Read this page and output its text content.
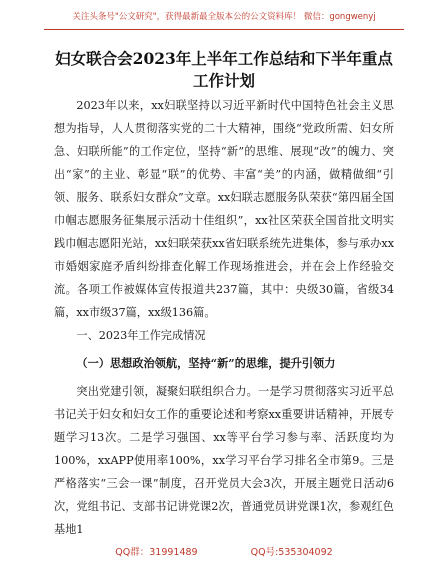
关注头条号"公文研究"，获得最新最全版本公的公文资料库！ 微信：gongwenyj
妇女联合会2023年上半年工作总结和下半年重点工作计划

2023年以来，xx妇联坚持以习近平新时代中国特色社会主义思想为指导，人人贯彻落实党的二十大精神，围绕“党政所需、妇女所急、妇联所能”的工作定位，坚持“新”的思维、展现“改”的魄力、突出“家”的主业、彰显“联”的优势、丰富“美”的内涵，做精做细“引领、服务、联系妇女群众”文章。xx妇联志愿服务队荣获“第四届全国巾帼志愿服务征集展示活动十佳组织”，xx社区荣获全国首批文明实践巾帼志愿阳光站，xx妇联荣获xx省妇联系统先进集体，参与承办xx市婚姻家庭矛盾纠纷排查化解工作现场推进会，并在会上作经验交流。各项工作被媒体宣传报道共237篇，其中：央级30篇，省级34篇，xx市级37篇，xx级136篇。

一、2023年工作完成情况

（一）思想政治领航，坚持“新”的思维，提升引领力

突出党建引领，凝聚妇联组织合力。一是学习贯彻落实习近平总书记关于妇女和妇女工作的重要论述和考察xx重要讲话精神，开展专题学习13次。二是学习强国、xx等平台学习参与率、活跃度均为100%，xxAPP使用率100%，xx学习平台学习排名全市第9。三是严格落实“三会一课”制度，召开党员大会3次，开展主题党日活动6次，党组书记、支部书记讲党课2次，普通党员讲党课1次，参观红色基地1

QQ群：31991489	QQ号:535304092
